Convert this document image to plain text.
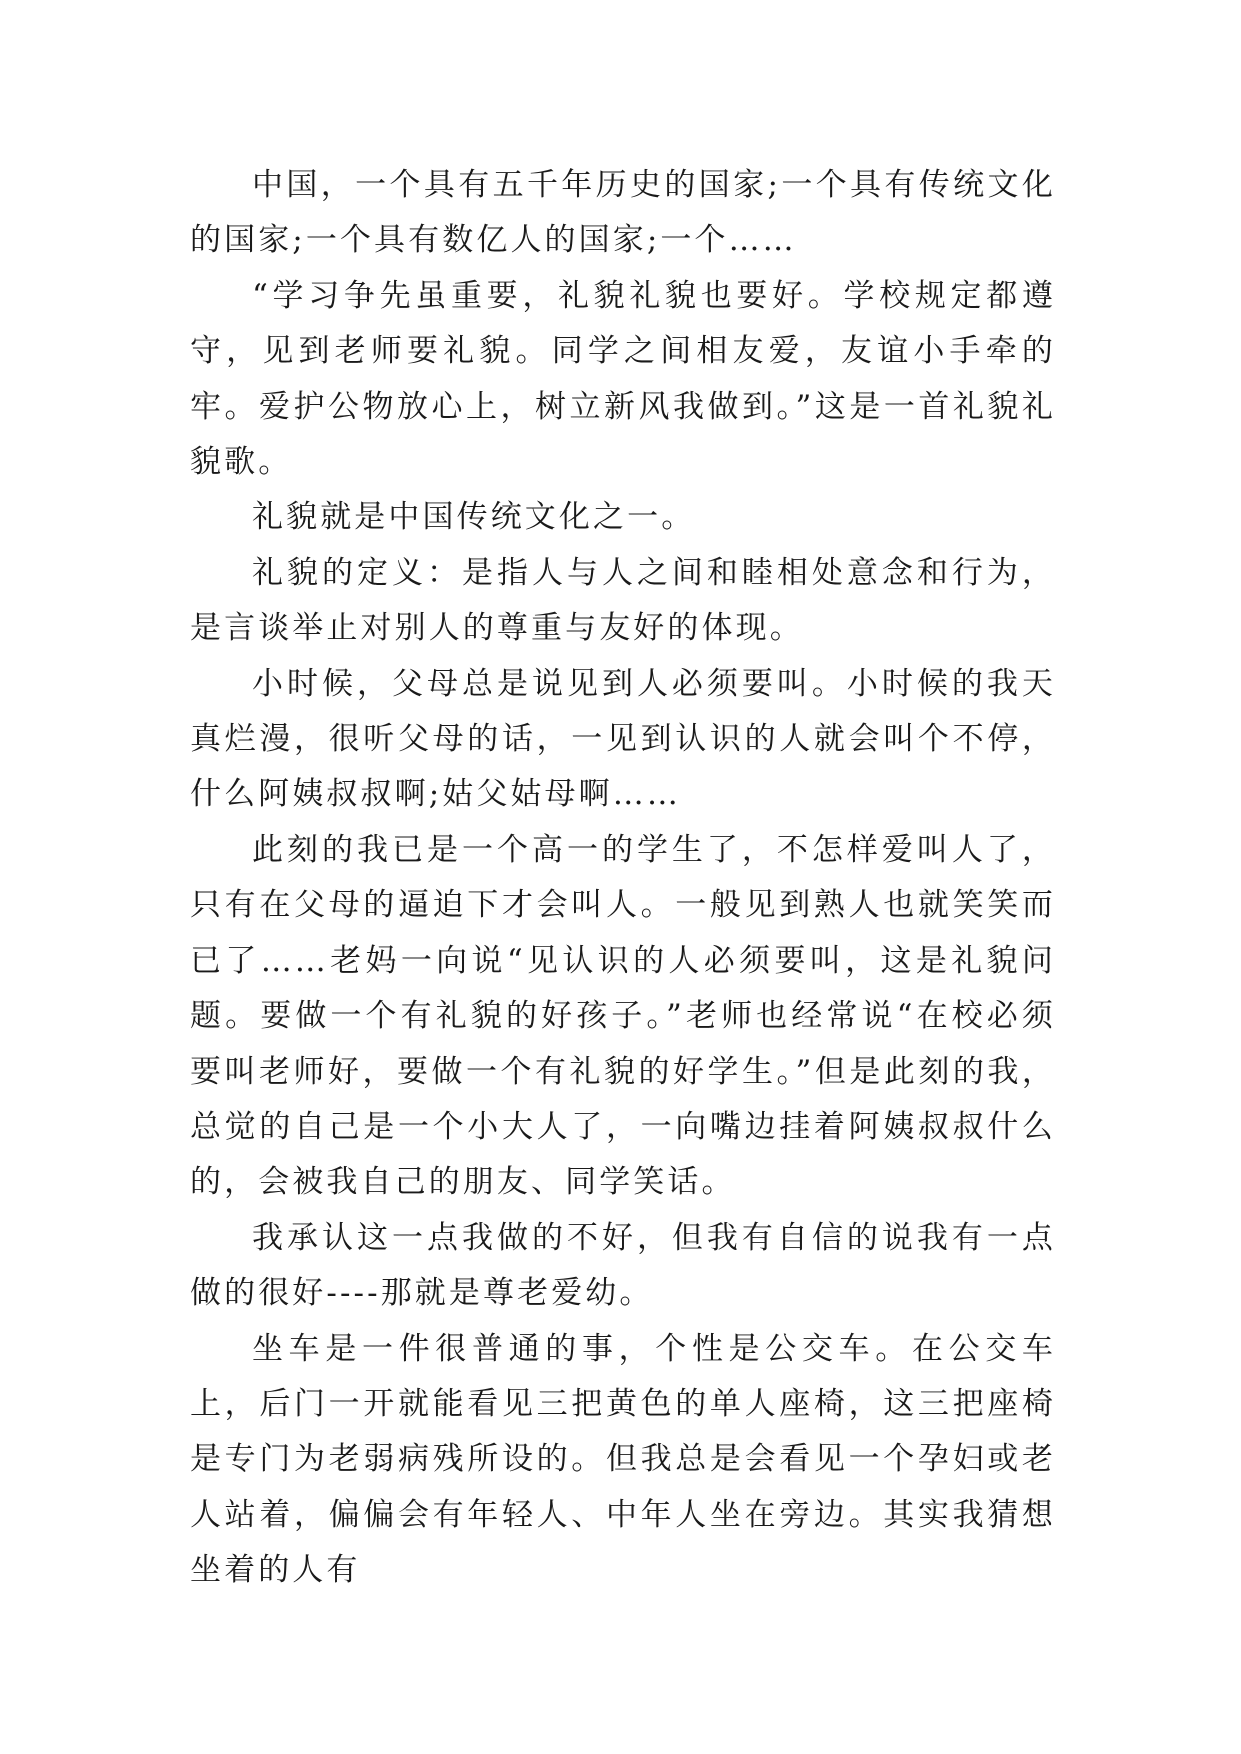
中国，一个具有五千年历史的国家;一个具有传统文化的国家;一个具有数亿人的国家;一个……

“学习争先虽重要，礼貌礼貌也要好。学校规定都遵守，见到老师要礼貌。同学之间相友爱，友谊小手牵的牢。爱护公物放心上，树立新风我做到。”这是一首礼貌礼貌歌。

礼貌就是中国传统文化之一。

礼貌的定义：是指人与人之间和睦相处意念和行为，是言谈举止对别人的尊重与友好的体现。

小时候，父母总是说见到人必须要叫。小时候的我天真烂漫，很听父母的话，一见到认识的人就会叫个不停，什么阿姨叔叔啊;姑父姑母啊……

此刻的我已是一个高一的学生了，不怎样爱叫人了，只有在父母的逼迫下才会叫人。一般见到熟人也就笑笑而已了……老妈一向说“见认识的人必须要叫，这是礼貌问题。要做一个有礼貌的好孩子。”老师也经常说“在校必须要叫老师好，要做一个有礼貌的好学生。”但是此刻的我，总觉的自己是一个小大人了，一向嘴边挂着阿姨叔叔什么的，会被我自己的朋友、同学笑话。

我承认这一点我做的不好，但我有自信的说我有一点做的很好----那就是尊老爱幼。

坐车是一件很普通的事，个性是公交车。在公交车上，后门一开就能看见三把黄色的单人座椅，这三把座椅是专门为老弱病残所设的。但我总是会看见一个孕妇或老人站着，偏偏会有年轻人、中年人坐在旁边。其实我猜想坐着的人有
